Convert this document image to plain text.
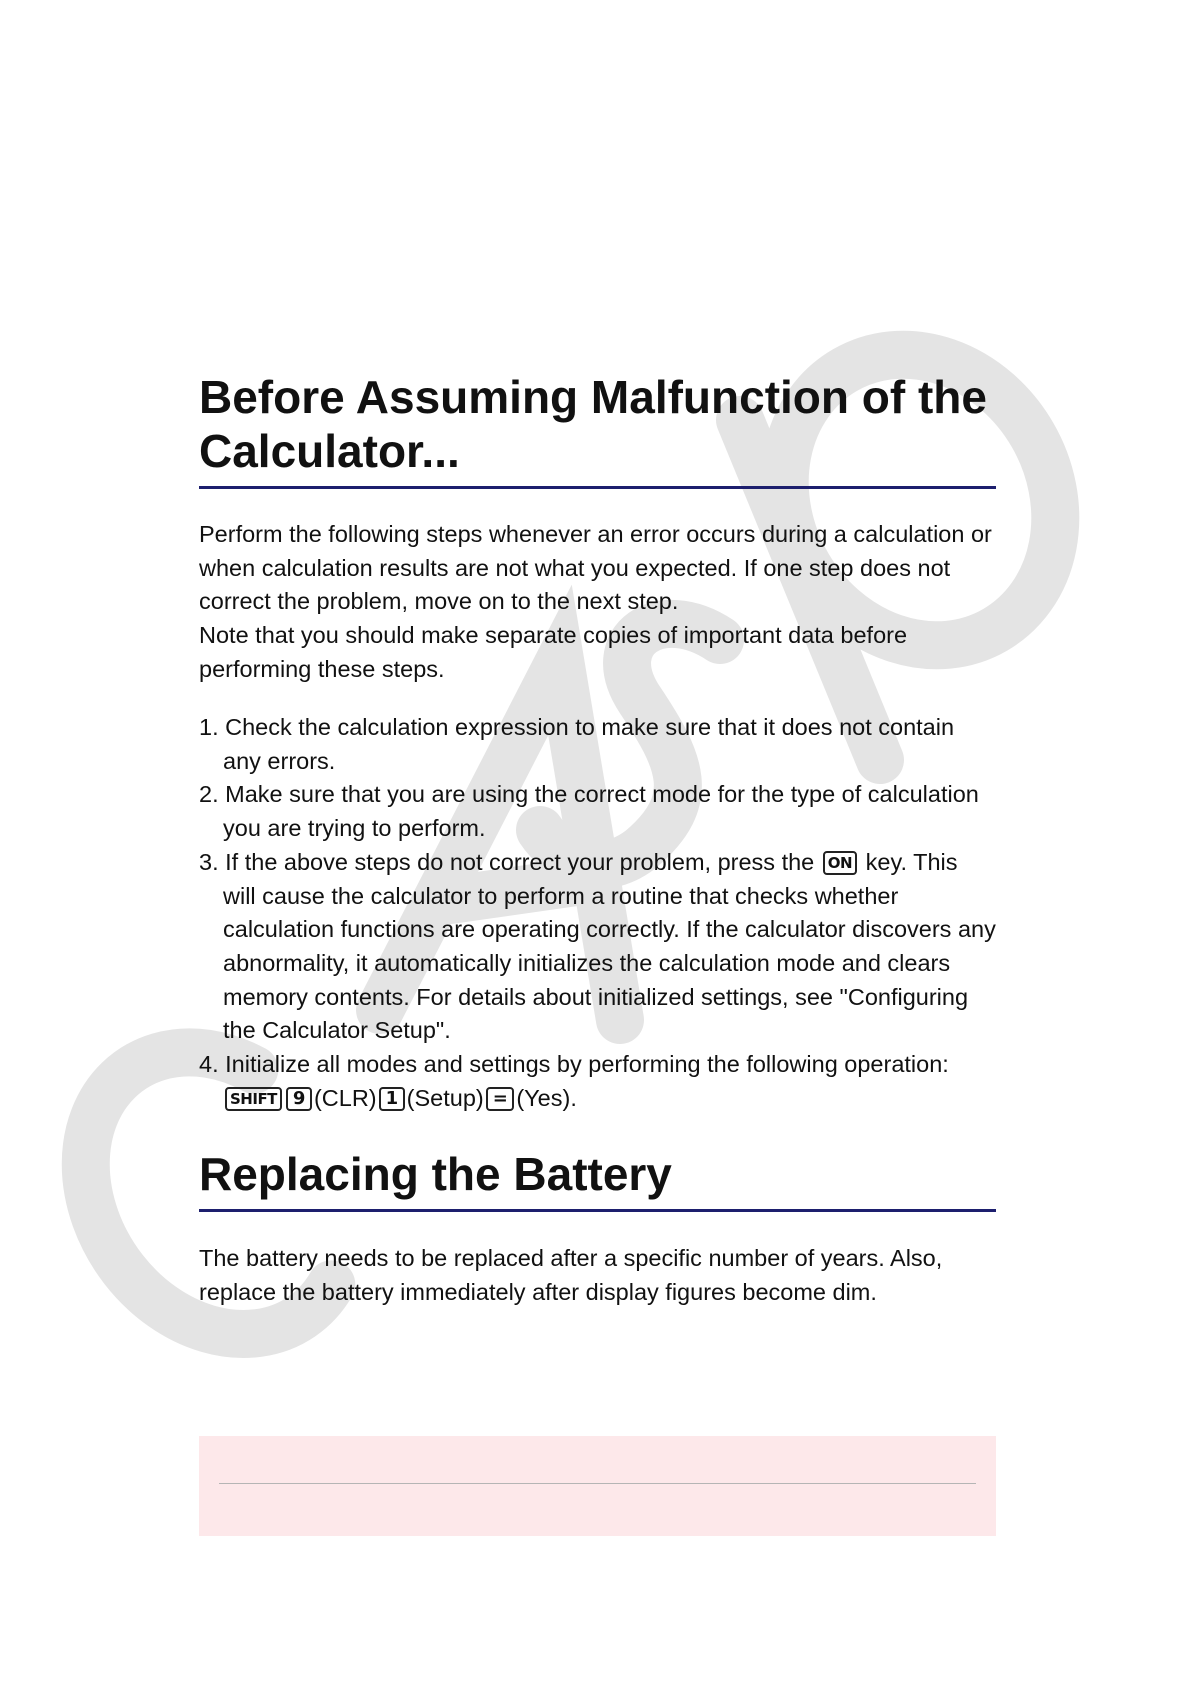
Before Assuming Malfunction of the Calculator...
Perform the following steps whenever an error occurs during a calculation or when calculation results are not what you expected. If one step does not correct the problem, move on to the next step.
Note that you should make separate copies of important data before performing these steps.
1. Check the calculation expression to make sure that it does not contain any errors.
2. Make sure that you are using the correct mode for the type of calculation you are trying to perform.
3. If the above steps do not correct your problem, press the ON key. This will cause the calculator to perform a routine that checks whether calculation functions are operating correctly. If the calculator discovers any abnormality, it automatically initializes the calculation mode and clears memory contents. For details about initialized settings, see "Configuring the Calculator Setup".
4. Initialize all modes and settings by performing the following operation: SHIFT 9 (CLR) 1 (Setup) = (Yes).
Replacing the Battery
The battery needs to be replaced after a specific number of years. Also, replace the battery immediately after display figures become dim.
